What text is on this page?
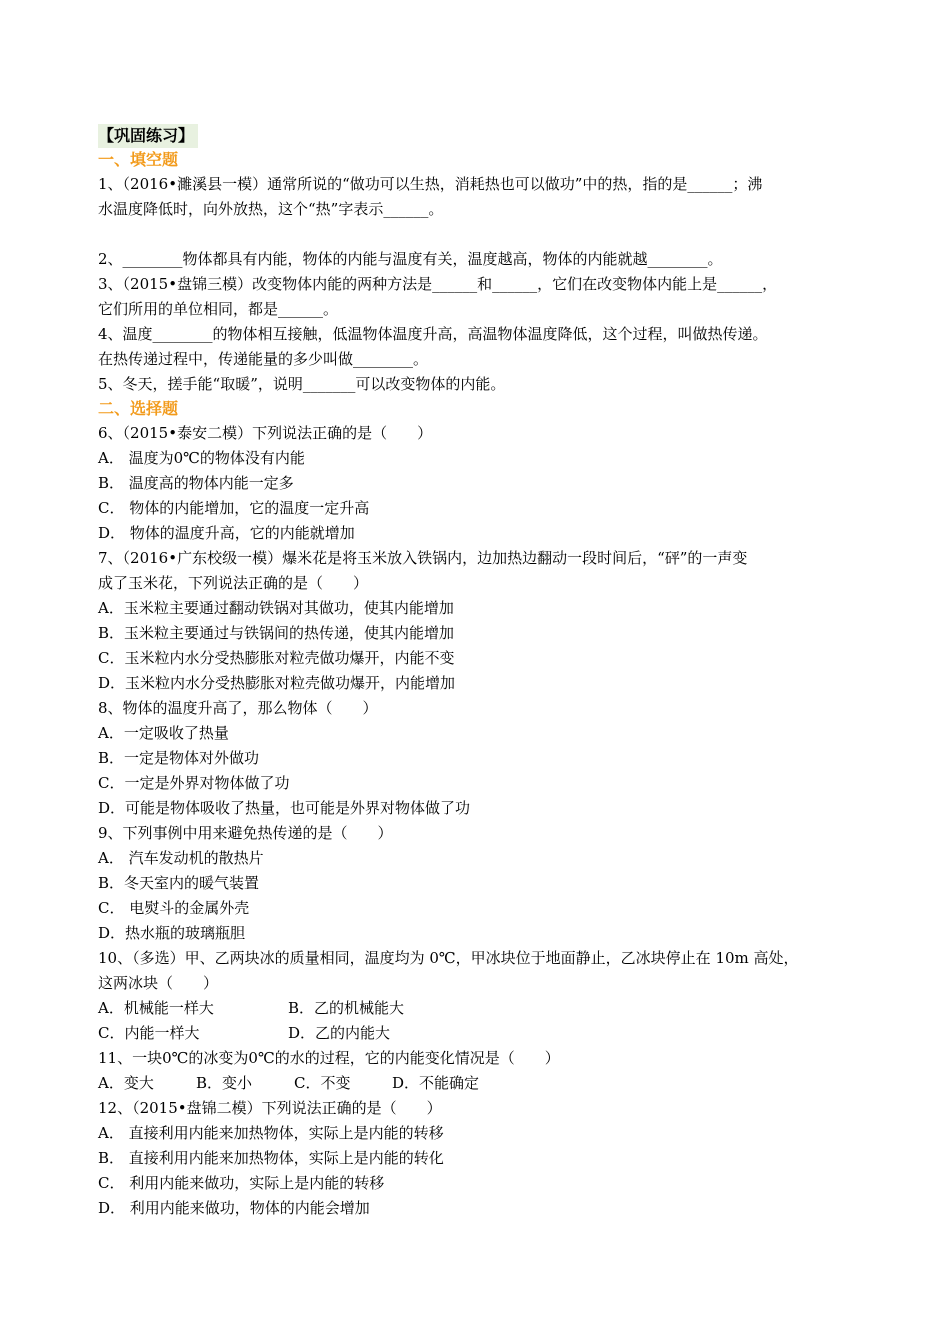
【巩固练习】
一、填空题
1、（2016•濉溪县一模）通常所说的“做功可以生热，消耗热也可以做功”中的热，指的是______；沸
水温度降低时，向外放热，这个“热”字表示______。
2、________物体都具有内能，物体的内能与温度有关，温度越高，物体的内能就越________。
3、（2015•盘锦三模）改变物体内能的两种方法是______和______，它们在改变物体内能上是______，
它们所用的单位相同，都是______。
4、温度________的物体相互接触，低温物体温度升高，高温物体温度降低，这个过程，叫做热传递。
在热传递过程中，传递能量的多少叫做________。
5、冬天，搓手能“取暖”，说明_______可以改变物体的内能。
二、选择题
6、（2015•泰安二模）下列说法正确的是（　　）
A． 温度为0℃的物体没有内能
B． 温度高的物体内能一定多
C． 物体的内能增加，它的温度一定升高
D． 物体的温度升高，它的内能就增加
7、（2016•广东校级一模）爆米花是将玉米放入铁锅内，边加热边翻动一段时间后，“砰”的一声变
成了玉米花，下列说法正确的是（　　）
A．玉米粒主要通过翻动铁锅对其做功，使其内能增加
B．玉米粒主要通过与铁锅间的热传递，使其内能增加
C．玉米粒内水分受热膨胀对粒壳做功爆开，内能不变
D．玉米粒内水分受热膨胀对粒壳做功爆开，内能增加
8、物体的温度升高了，那么物体（　　）
A．一定吸收了热量
B．一定是物体对外做功
C．一定是外界对物体做了功
D．可能是物体吸收了热量，也可能是外界对物体做了功
9、下列事例中用来避免热传递的是（　　）
A． 汽车发动机的散热片
B．冬天室内的暖气装置
C． 电熨斗的金属外壳
D．热水瓶的玻璃瓶胆
10、（多选）甲、乙两块冰的质量相同，温度均为 0℃，甲冰块位于地面静止，乙冰块停止在 10m 高处，
这两冰块（　　）
A．机械能一样大	B．乙的机械能大
C．内能一样大	D．乙的内能大
11、一块0℃的冰变为0℃的水的过程，它的内能变化情况是（　　）
A．变大	B．变小	C．不变	D．不能确定
12、（2015•盘锦二模）下列说法正确的是（　　）
A． 直接利用内能来加热物体，实际上是内能的转移
B． 直接利用内能来加热物体，实际上是内能的转化
C． 利用内能来做功，实际上是内能的转移
D． 利用内能来做功，物体的内能会增加
